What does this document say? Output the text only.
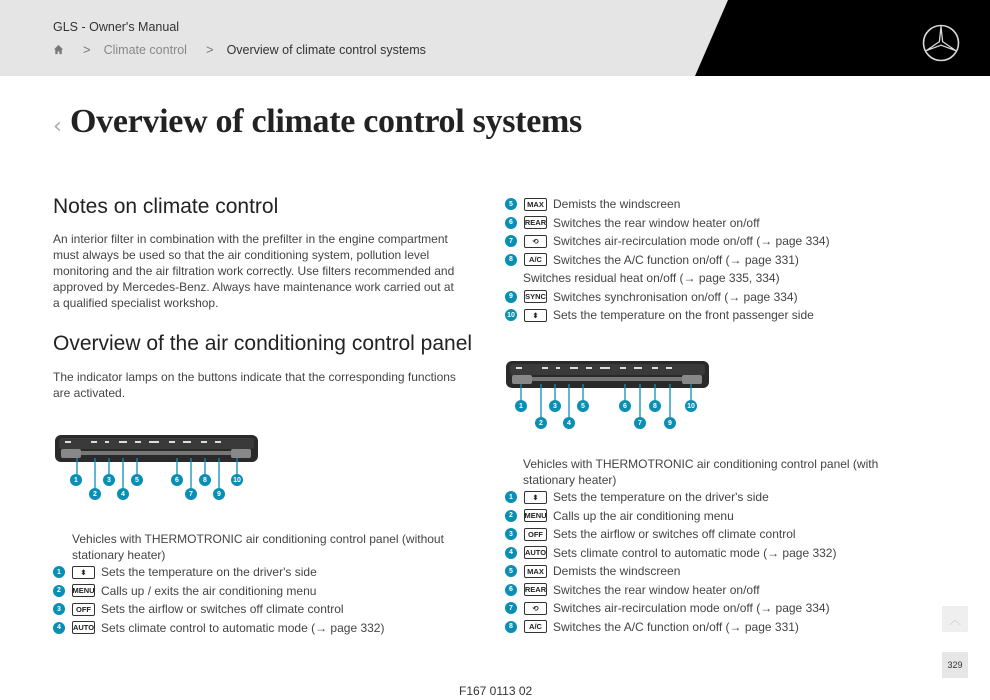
GLS - Owner's Manual
> Climate control > Overview of climate control systems
‹ Overview of climate control systems
Notes on climate control

An interior filter in combination with the prefilter in the engine compartment must always be used so that the air conditioning system, pollution level monitoring and the air filtration work correctly. Use filters recommended and approved by Mercedes-Benz. Always have maintenance work carried out at a qualified specialist workshop.

Overview of the air conditioning control panel

The indicator lamps on the buttons indicate that the corresponding functions are activated.

1
2
3
4
5	6
7
8
9
10
Vehicles with THERMOTRONIC air conditioning control panel (without stationary heater)
1	⬍	Sets the temperature on the driver's side
2	MENU Calls up / exits the air conditioning menu
3	OFF Sets the airflow or switches off climate control
4	AUTO Sets climate control to automatic mode (→ page 332)
5	MAX Demists the windscreen
6	REAR Switches the rear window heater on/off
7	⟲	Switches air-recirculation mode on/off (→ page 334)
8	A/C Switches the A/C function on/off (→ page 331)
Switches residual heat on/off (→ page 335, 334)
9	SYNC Switches synchronisation on/off (→ page 334)
10	⬍	Sets the temperature on the front passenger side
1
2
3
4
5	6
7
8
9
10
Vehicles with THERMOTRONIC air conditioning control panel (with stationary heater)
1	⬍	Sets the temperature on the driver's side
2	MENU Calls up the air conditioning menu
3	OFF Sets the airflow or switches off climate control
4	AUTO Sets climate control to automatic mode (→ page 332)
5	MAX Demists the windscreen
6	REAR Switches the rear window heater on/off
7	⟲	Switches air-recirculation mode on/off (→ page 334)
8	A/C Switches the A/C function on/off (→ page 331)
︿
329
F167 0113 02
